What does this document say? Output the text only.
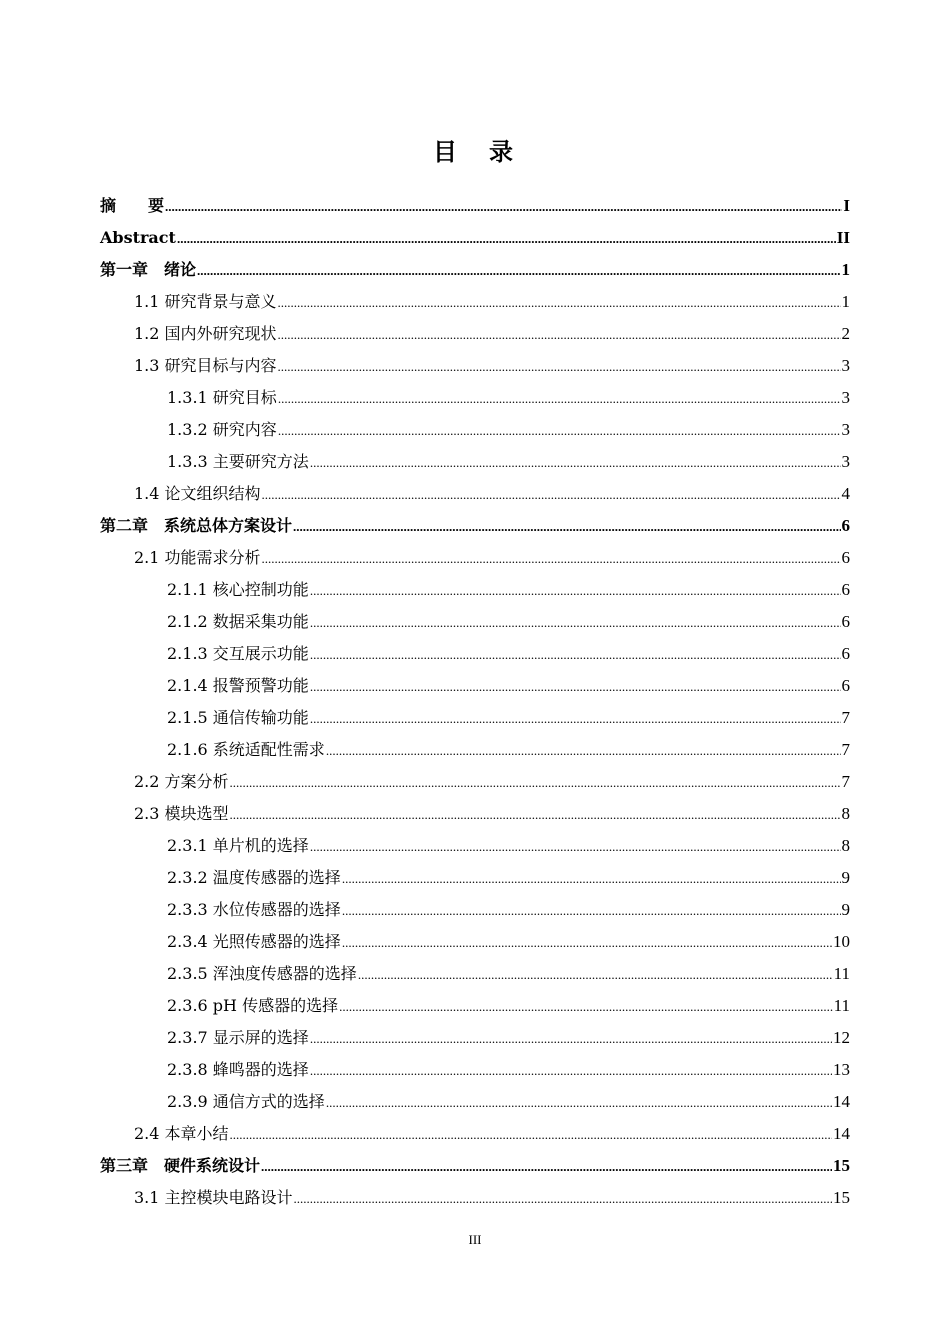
目　录
摘　　要 .....	I
Abstract .....	II
第一章　绪论 .....	1
1.1 研究背景与意义 .....	1
1.2 国内外研究现状 .....	2
1.3 研究目标与内容 .....	3
1.3.1 研究目标 .....	3
1.3.2 研究内容 .....	3
1.3.3 主要研究方法 .....	3
1.4 论文组织结构 .....	4
第二章　系统总体方案设计 .....	6
2.1 功能需求分析 .....	6
2.1.1 核心控制功能 .....	6
2.1.2 数据采集功能 .....	6
2.1.3 交互展示功能 .....	6
2.1.4 报警预警功能 .....	6
2.1.5 通信传输功能 .....	7
2.1.6 系统适配性需求 .....	7
2.2 方案分析 .....	7
2.3 模块选型 .....	8
2.3.1 单片机的选择 .....	8
2.3.2 温度传感器的选择 .....	9
2.3.3 水位传感器的选择 .....	9
2.3.4 光照传感器的选择 .....	10
2.3.5 浑浊度传感器的选择 .....	11
2.3.6 pH 传感器的选择 .....	11
2.3.7 显示屏的选择 .....	12
2.3.8 蜂鸣器的选择 .....	13
2.3.9 通信方式的选择 .....	14
2.4 本章小结 .....	14
第三章　硬件系统设计 .....	15
3.1 主控模块电路设计 .....	15
III
